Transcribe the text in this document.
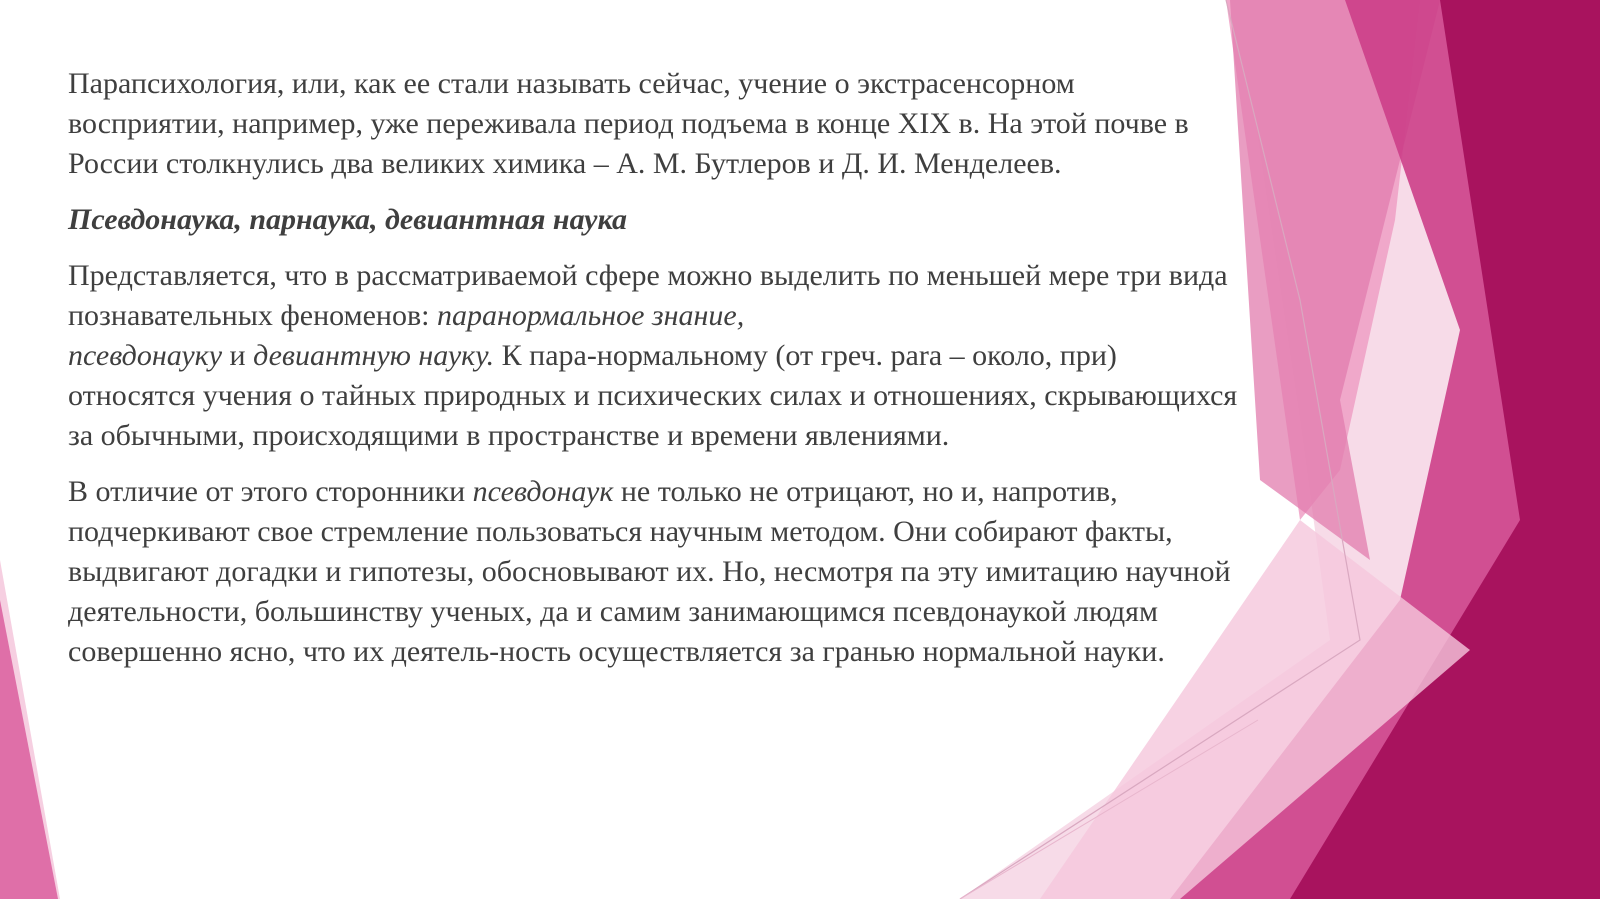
Парапсихология, или, как ее стали называть сейчас, учение о экстрасенсорном восприятии, например, уже переживала период подъема в конце XIX в. На этой почве в России столкнулись два великих химика – А. М. Бутлеров и Д. И. Менделеев.

Псевдонаука, парнаука, девиантная наука

Представляется, что в рассматриваемой сфере можно выделить по меньшей мере три вида познавательных феноменов: паранормальное знание,
псевдонауку и девиантную науку. К пара-нормальному (от греч. para – около, при) относятся учения о тайных природных и психических силах и отношениях, скрывающихся за обычными, происходящими в пространстве и времени явлениями.

В отличие от этого сторонники псевдонаук не только не отрицают, но и, напротив, подчеркивают свое стремление пользоваться научным методом. Они собирают факты, выдвигают догадки и гипотезы, обосновывают их. Но, несмотря па эту имитацию научной деятельности, большинству ученых, да и самим занимающимся псевдонаукой людям совершенно ясно, что их деятель-ность осуществляется за гранью нормальной науки.
